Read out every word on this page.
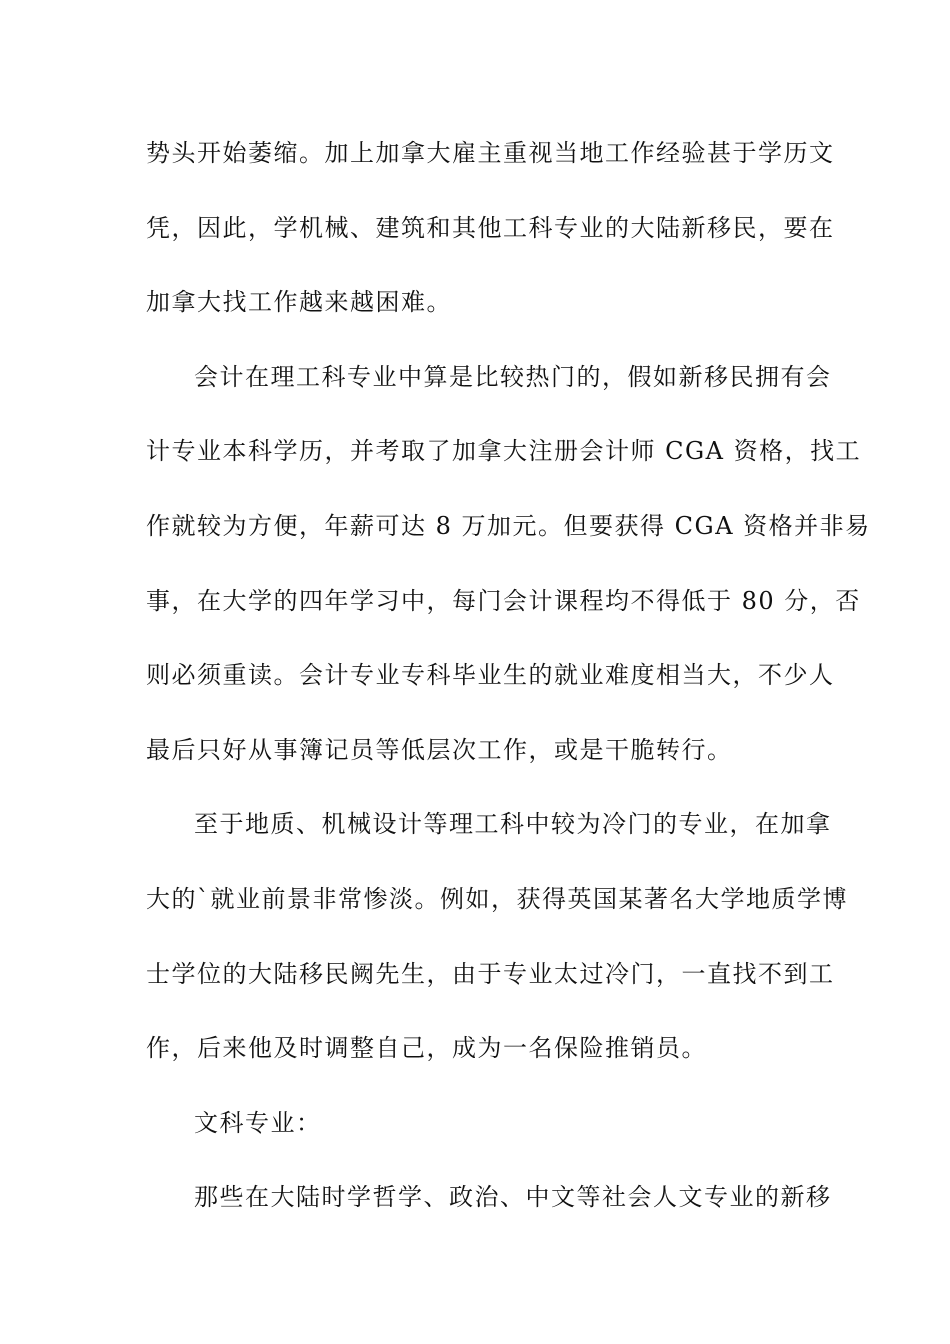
势头开始萎缩。加上加拿大雇主重视当地工作经验甚于学历文
凭，因此，学机械、建筑和其他工科专业的大陆新移民，要在
加拿大找工作越来越困难。
会计在理工科专业中算是比较热门的，假如新移民拥有会
计专业本科学历，并考取了加拿大注册会计师 CGA 资格，找工
作就较为方便，年薪可达 8 万加元。但要获得 CGA 资格并非易
事，在大学的四年学习中，每门会计课程均不得低于 80 分，否
则必须重读。会计专业专科毕业生的就业难度相当大，不少人
最后只好从事簿记员等低层次工作，或是干脆转行。
至于地质、机械设计等理工科中较为冷门的专业，在加拿
大的`就业前景非常惨淡。例如，获得英国某著名大学地质学博
士学位的大陆移民阙先生，由于专业太过冷门，一直找不到工
作，后来他及时调整自己，成为一名保险推销员。
文科专业：
那些在大陆时学哲学、政治、中文等社会人文专业的新移
